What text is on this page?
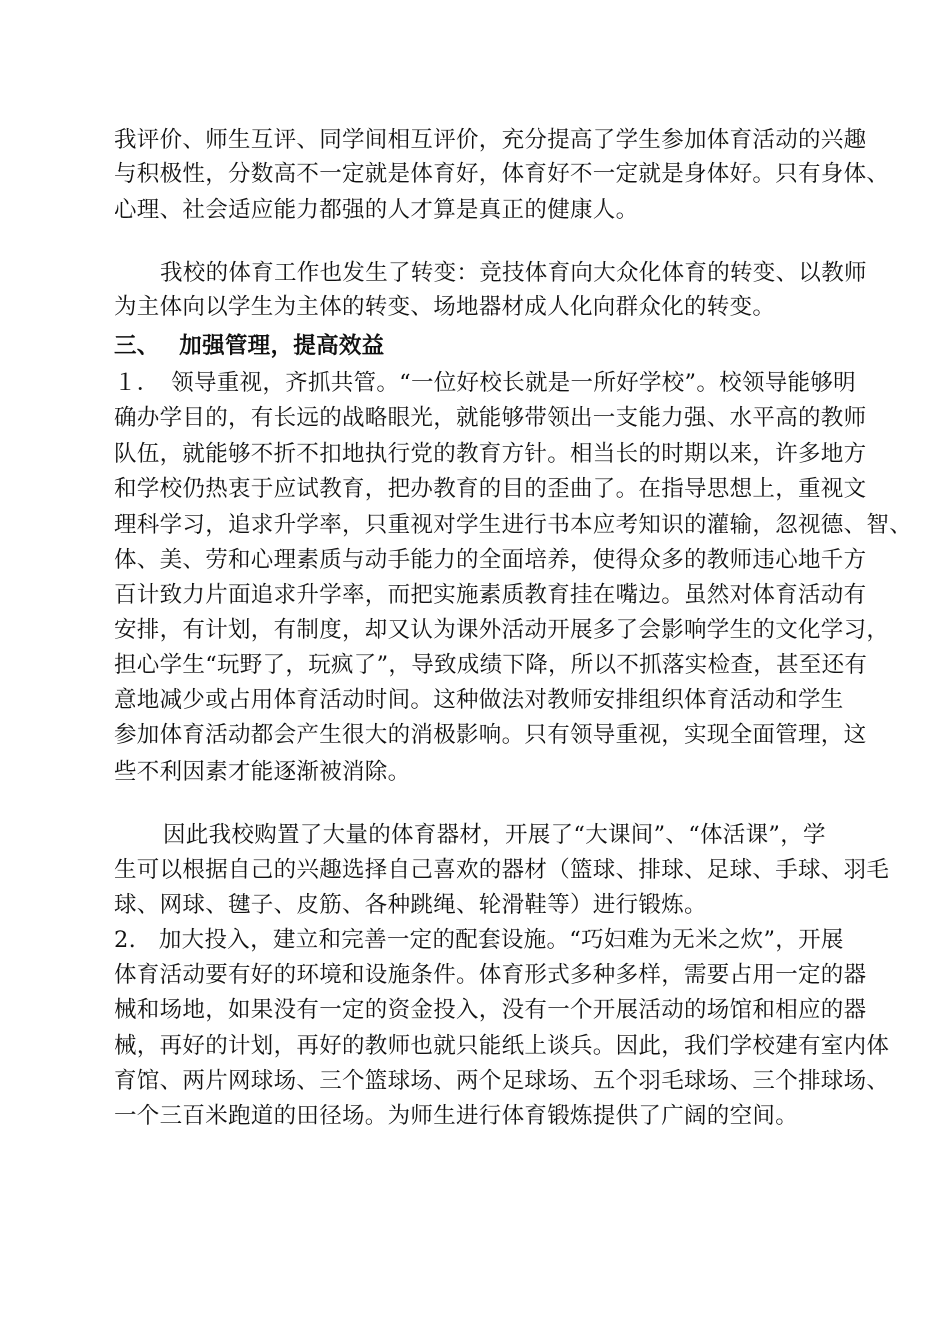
我评价、师生互评、同学间相互评价，充分提高了学生参加体育活动的兴趣
与积极性，分数高不一定就是体育好，体育好不一定就是身体好。只有身体、
心理、社会适应能力都强的人才算是真正的健康人。
我校的体育工作也发生了转变：竞技体育向大众化体育的转变、以教师
为主体向以学生为主体的转变、场地器材成人化向群众化的转变。
三、　 加强管理，提高效益
１．　领导重视，齐抓共管。“一位好校长就是一所好学校”。校领导能够明
确办学目的，有长远的战略眼光，就能够带领出一支能力强、水平高的教师
队伍，就能够不折不扣地执行党的教育方针。相当长的时期以来，许多地方
和学校仍热衷于应试教育，把办教育的目的歪曲了。在指导思想上，重视文
理科学习，追求升学率，只重视对学生进行书本应考知识的灌输，忽视德、智、
体、美、劳和心理素质与动手能力的全面培养，使得众多的教师违心地千方
百计致力片面追求升学率，而把实施素质教育挂在嘴边。虽然对体育活动有
安排，有计划，有制度，却又认为课外活动开展多了会影响学生的文化学习，
担心学生“玩野了，玩疯了”，导致成绩下降，所以不抓落实检查，甚至还有
意地减少或占用体育活动时间。这种做法对教师安排组织体育活动和学生
参加体育活动都会产生很大的消极影响。只有领导重视，实现全面管理，这
些不利因素才能逐渐被消除。
因此我校购置了大量的体育器材，开展了“大课间”、“体活课”，学
生可以根据自己的兴趣选择自己喜欢的器材（篮球、排球、足球、手球、羽毛
球、网球、毽子、皮筋、各种跳绳、轮滑鞋等）进行锻炼。
2.　加大投入，建立和完善一定的配套设施。“巧妇难为无米之炊”，开展
体育活动要有好的环境和设施条件。体育形式多种多样，需要占用一定的器
械和场地，如果没有一定的资金投入，没有一个开展活动的场馆和相应的器
械，再好的计划，再好的教师也就只能纸上谈兵。因此，我们学校建有室内体
育馆、两片网球场、三个篮球场、两个足球场、五个羽毛球场、三个排球场、
一个三百米跑道的田径场。为师生进行体育锻炼提供了广阔的空间。
